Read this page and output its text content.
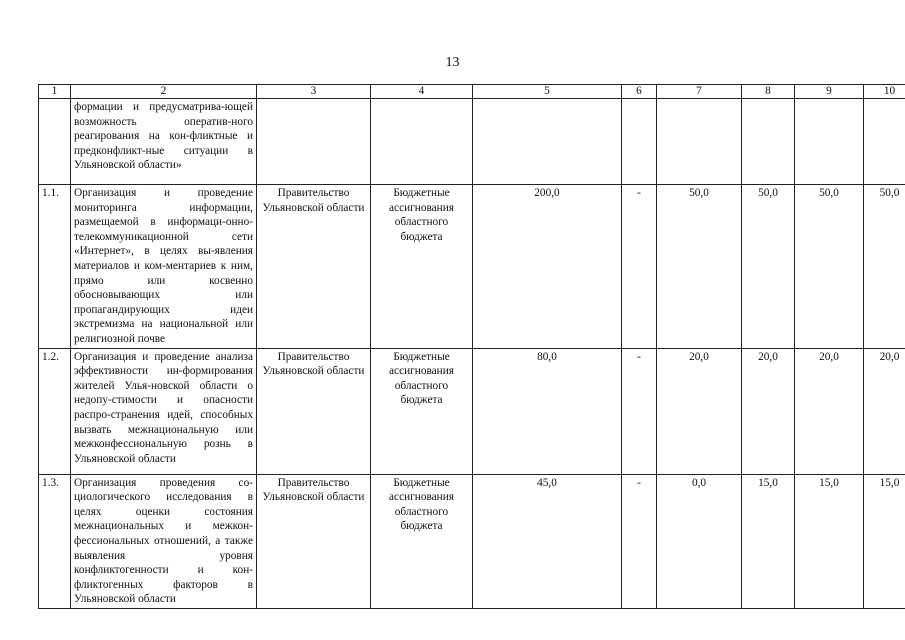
13
1	2	3	4	5	6	7	8	9	10
	формации и предусматрива-ющей возможность оператив-ного реагирования на кон-фликтные и предконфликт-ные ситуации в Ульяновской области»								
1.1.	Организация и проведение мониторинга информации, размещаемой в информаци-онно-телекоммуникационной сети «Интернет», в целях вы-явления материалов и ком-ментариев к ним, прямо или косвенно обосновывающих или пропагандирующих идеи экстремизма на национальной или религиозной почве	Правительство Ульяновской области	Бюджетные ассигнования областного бюджета	200,0	-	50,0	50,0	50,0	50,0
1.2.	Организация и проведение анализа эффективности ин-формирования жителей Улья-новской области о недопу-стимости и опасности распро-странения идей, способных вызвать межнациональную или межконфессиональную рознь в Ульяновской области	Правительство Ульяновской области	Бюджетные ассигнования областного бюджета	80,0	-	20,0	20,0	20,0	20,0
1.3.	Организация проведения со-циологического исследования в целях оценки состояния межнациональных и межкон-фессиональных отношений, а также выявления уровня конфликтогенности и кон-фликтогенных факторов в Ульяновской области	Правительство Ульяновской области	Бюджетные ассигнования областного бюджета	45,0	-	0,0	15,0	15,0	15,0
